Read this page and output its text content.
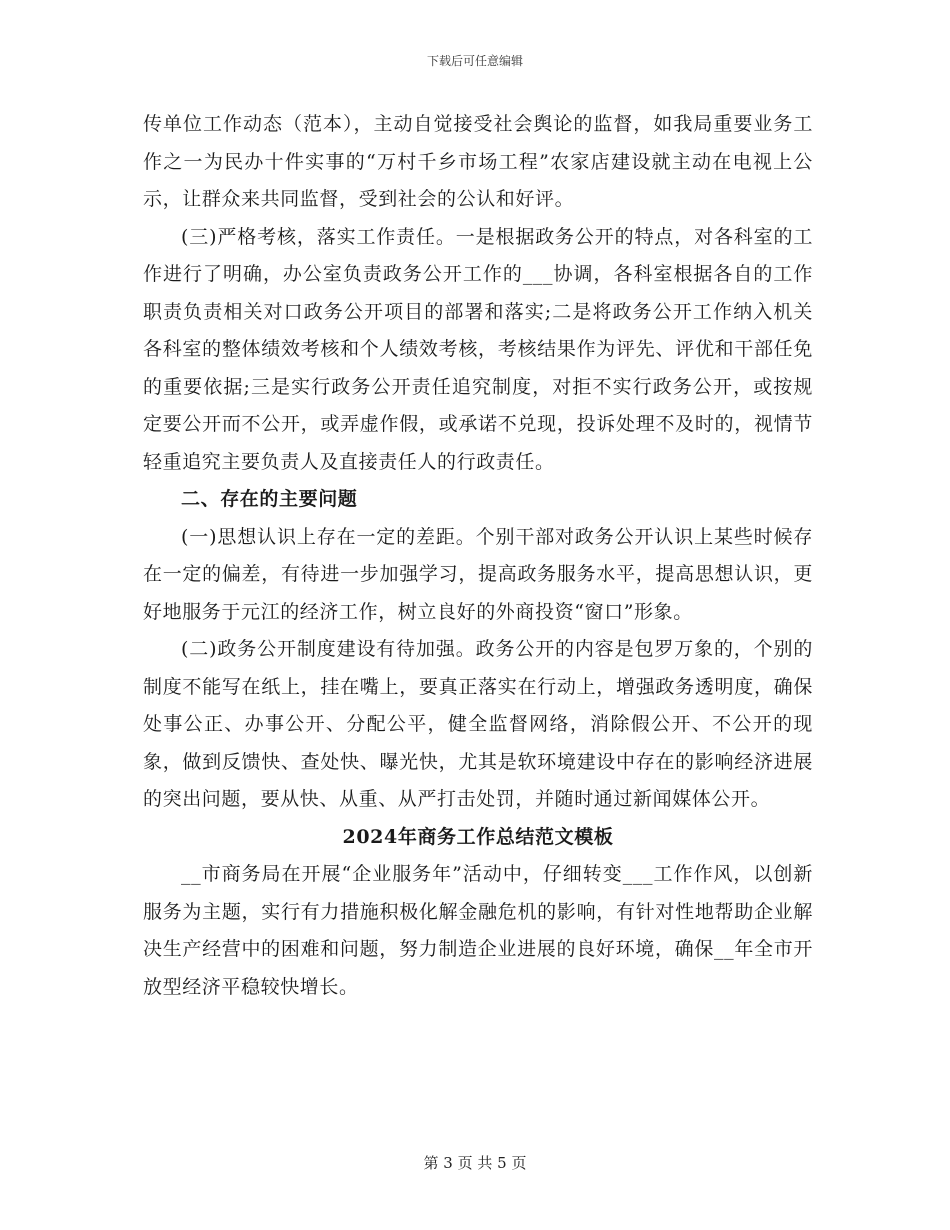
下载后可任意编辑

传单位工作动态（范本），主动自觉接受社会舆论的监督，如我局重要业务工作之一为民办十件实事的“万村千乡市场工程”农家店建设就主动在电视上公示，让群众来共同监督，受到社会的公认和好评。

(三)严格考核，落实工作责任。一是根据政务公开的特点，对各科室的工作进行了明确，办公室负责政务公开工作的___协调，各科室根据各自的工作职责负责相关对口政务公开项目的部署和落实;二是将政务公开工作纳入机关各科室的整体绩效考核和个人绩效考核，考核结果作为评先、评优和干部任免的重要依据;三是实行政务公开责任追究制度，对拒不实行政务公开，或按规定要公开而不公开，或弄虚作假，或承诺不兑现，投诉处理不及时的，视情节轻重追究主要负责人及直接责任人的行政责任。

二、存在的主要问题

(一)思想认识上存在一定的差距。个别干部对政务公开认识上某些时候存在一定的偏差，有待进一步加强学习，提高政务服务水平，提高思想认识，更好地服务于元江的经济工作，树立良好的外商投资“窗口”形象。

(二)政务公开制度建设有待加强。政务公开的内容是包罗万象的，个别的制度不能写在纸上，挂在嘴上，要真正落实在行动上，增强政务透明度，确保处事公正、办事公开、分配公平，健全监督网络，消除假公开、不公开的现象，做到反馈快、查处快、曝光快，尤其是软环境建设中存在的影响经济进展的突出问题，要从快、从重、从严打击处罚，并随时通过新闻媒体公开。

2024年商务工作总结范文模板

__市商务局在开展“企业服务年”活动中，仔细转变___工作作风，以创新服务为主题，实行有力措施积极化解金融危机的影响，有针对性地帮助企业解决生产经营中的困难和问题，努力制造企业进展的良好环境，确保__年全市开放型经济平稳较快增长。

第 3 页 共 5 页
